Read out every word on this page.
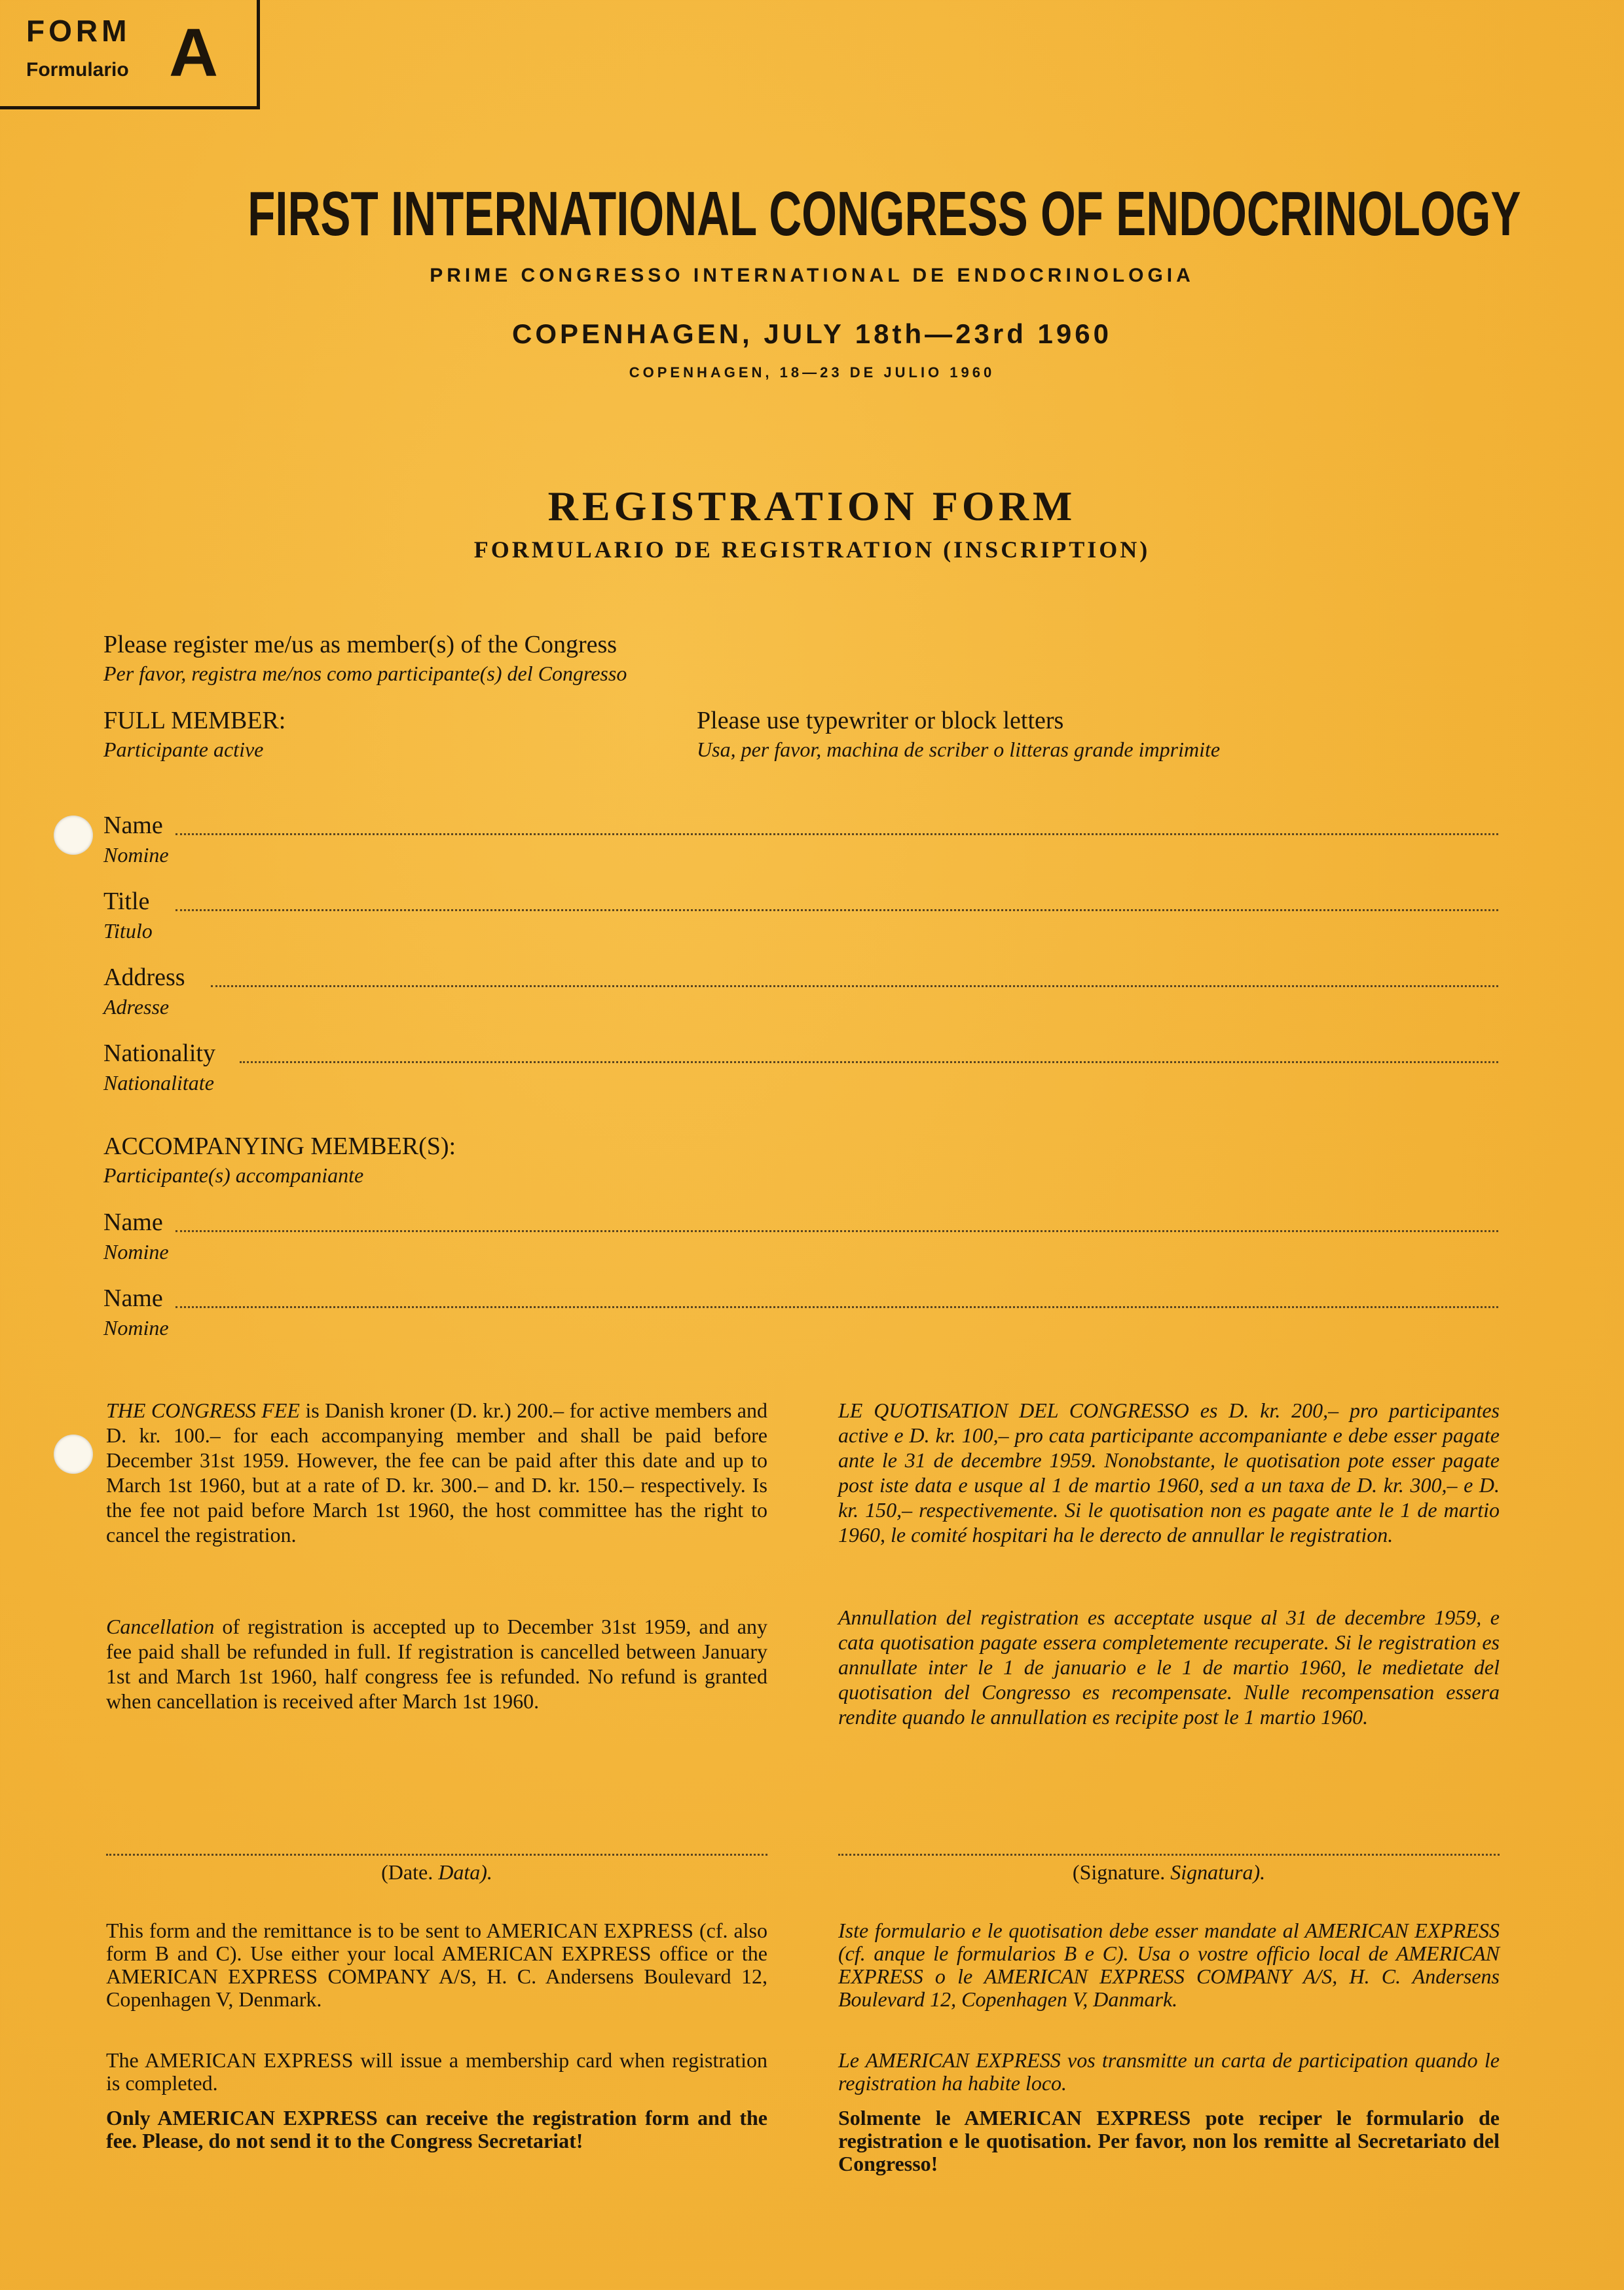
FORM
Formulario A
FIRST INTERNATIONAL CONGRESS OF ENDOCRINOLOGY
PRIME CONGRESSO INTERNATIONAL DE ENDOCRINOLOGIA
COPENHAGEN, JULY 18th—23rd 1960
COPENHAGEN, 18—23 DE JULIO 1960
REGISTRATION FORM
FORMULARIO DE REGISTRATION (INSCRIPTION)
Please register me/us as member(s) of the Congress
Per favor, registra me/nos como participante(s) del Congresso
FULL MEMBER:
Participante active
Please use typewriter or block letters
Usa, per favor, machina de scriber o litteras grande imprimite
Name
Nomine
Title
Titulo
Address
Adresse
Nationality
Nationalitate
ACCOMPANYING MEMBER(S):
Participante(s) accompaniante
Name
Nomine
Name
Nomine
THE CONGRESS FEE is Danish kroner (D. kr.) 200.– for active members and D. kr. 100.– for each accompanying member and shall be paid before December 31st 1959. However, the fee can be paid after this date and up to March 1st 1960, but at a rate of D. kr. 300.– and D. kr. 150.– respectively. Is the fee not paid before March 1st 1960, the host committee has the right to cancel the registration.
LE QUOTISATION DEL CONGRESSO es D. kr. 200,– pro participantes active e D. kr. 100,– pro cata participante accompaniante e debe esser pagate ante le 31 de decembre 1959. Nonobstante, le quotisation pote esser pagate post iste data e usque al 1 de martio 1960, sed a un taxa de D. kr. 300,– e D. kr. 150,– respectivemente. Si le quotisation non es pagate ante le 1 de martio 1960, le comité hospitari ha le derecto de annullar le registration.
Cancellation of registration is accepted up to December 31st 1959, and any fee paid shall be refunded in full. If registration is cancelled between January 1st and March 1st 1960, half congress fee is refunded. No refund is granted when cancellation is received after March 1st 1960.
Annullation del registration es acceptate usque al 31 de decembre 1959, e cata quotisation pagate essera completemente recuperate. Si le registration es annullate inter le 1 de januario e le 1 de martio 1960, le medietate del quotisation del Congresso es recompensate. Nulle recompensation essera rendite quando le annullation es recipite post le 1 martio 1960.
(Date. Data).	(Signature. Signatura).
This form and the remittance is to be sent to AMERICAN EXPRESS (cf. also form B and C). Use either your local AMERICAN EXPRESS office or the AMERICAN EXPRESS COMPANY A/S, H. C. Andersens Boulevard 12, Copenhagen V, Denmark.
The AMERICAN EXPRESS will issue a membership card when registration is completed.
Only AMERICAN EXPRESS can receive the registration form and the fee. Please, do not send it to the Congress Secretariat!
Iste formulario e le quotisation debe esser mandate al AMERICAN EXPRESS (cf. anque le formularios B e C). Usa o vostre officio local de AMERICAN EXPRESS o le AMERICAN EXPRESS COMPANY A/S, H. C. Andersens Boulevard 12, Copenhagen V, Danmark.
Le AMERICAN EXPRESS vos transmitte un carta de participation quando le registration ha habite loco.
Solmente le AMERICAN EXPRESS pote reciper le formulario de registration e le quotisation. Per favor, non los remitte al Secretariato del Congresso!
